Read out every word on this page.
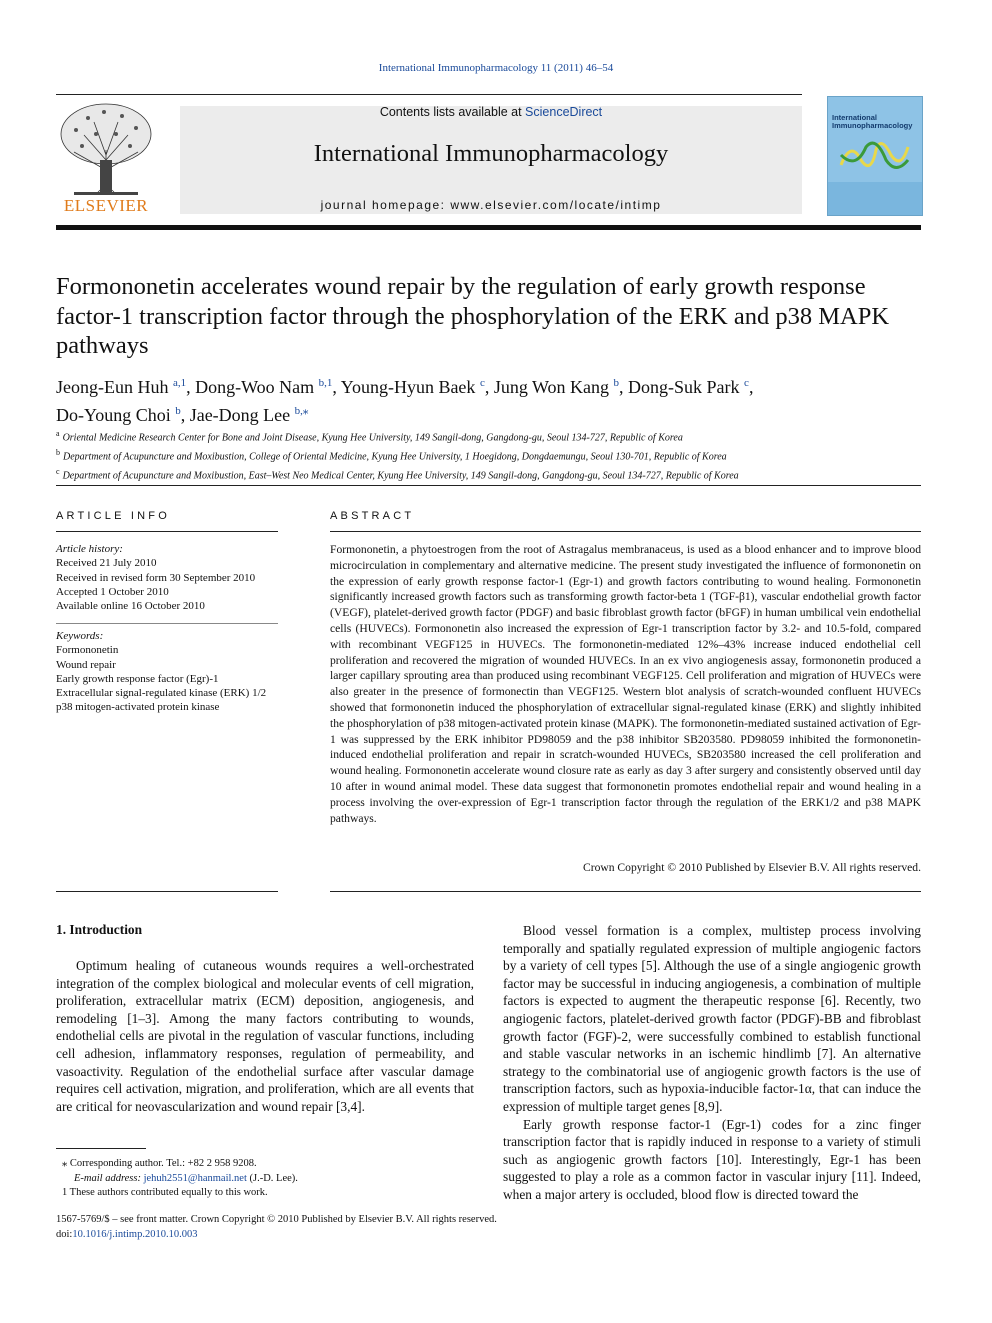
International Immunopharmacology 11 (2011) 46–54
ELSEVIER
Contents lists available at ScienceDirect
International Immunopharmacology
journal homepage: www.elsevier.com/locate/intimp
International
Immunopharmacology
Formononetin accelerates wound repair by the regulation of early growth response factor-1 transcription factor through the phosphorylation of the ERK and p38 MAPK pathways
Jeong-Eun Huh $^{a,1}$, Dong-Woo Nam $^{b,1}$, Young-Hyun Baek $^c$, Jung Won Kang $^b$, Dong-Suk Park $^c$,
Do-Young Choi $^b$, Jae-Dong Lee $^{b,⁎}$
$^a$ Oriental Medicine Research Center for Bone and Joint Disease, Kyung Hee University, 149 Sangil-dong, Gangdong-gu, Seoul 134-727, Republic of Korea
$^b$ Department of Acupuncture and Moxibustion, College of Oriental Medicine, Kyung Hee University, 1 Hoegidong, Dongdaemungu, Seoul 130-701, Republic of Korea
$^c$ Department of Acupuncture and Moxibustion, East–West Neo Medical Center, Kyung Hee University, 149 Sangil-dong, Gangdong-gu, Seoul 134-727, Republic of Korea
ARTICLE INFO
Article history:
Received 21 July 2010
Received in revised form 30 September 2010
Accepted 1 October 2010
Available online 16 October 2010
Keywords:
Formononetin
Wound repair
Early growth response factor (Egr)-1
Extracellular signal-regulated kinase (ERK) 1/2
p38 mitogen-activated protein kinase
ABSTRACT
Formononetin, a phytoestrogen from the root of Astragalus membranaceus, is used as a blood enhancer and to improve blood microcirculation in complementary and alternative medicine. The present study investigated the influence of formononetin on the expression of early growth response factor-1 (Egr-1) and growth factors contributing to wound healing. Formononetin significantly increased growth factors such as transforming growth factor-beta 1 (TGF-β1), vascular endothelial growth factor (VEGF), platelet-derived growth factor (PDGF) and basic fibroblast growth factor (bFGF) in human umbilical vein endothelial cells (HUVECs). Formononetin also increased the expression of Egr-1 transcription factor by 3.2- and 10.5-fold, compared with recombinant VEGF125 in HUVECs. The formononetin-mediated 12%–43% increase induced endothelial cell proliferation and recovered the migration of wounded HUVECs. In an ex vivo angiogenesis assay, formononetin produced a larger capillary sprouting area than produced using recombinant VEGF125. Cell proliferation and migration of HUVECs were also greater in the presence of formonectin than VEGF125. Western blot analysis of scratch-wounded confluent HUVECs showed that formononetin induced the phosphorylation of extracellular signal-regulated kinase (ERK) and slightly inhibited the phosphorylation of p38 mitogen-activated protein kinase (MAPK). The formononetin-mediated sustained activation of Egr-1 was suppressed by the ERK inhibitor PD98059 and the p38 inhibitor SB203580. PD98059 inhibited the formononetin-induced endothelial proliferation and repair in scratch-wounded HUVECs, SB203580 increased the cell proliferation and wound healing. Formononetin accelerate wound closure rate as early as day 3 after surgery and consistently observed until day 10 after in wound animal model. These data suggest that formononetin promotes endothelial repair and wound healing in a process involving the over-expression of Egr-1 transcription factor through the regulation of the ERK1/2 and p38 MAPK pathways.
Crown Copyright © 2010 Published by Elsevier B.V. All rights reserved.
1. Introduction

Optimum healing of cutaneous wounds requires a well-orchestrated integration of the complex biological and molecular events of cell migration, proliferation, extracellular matrix (ECM) deposition, angiogenesis, and remodeling [1–3]. Among the many factors contributing to wounds, endothelial cells are pivotal in the regulation of vascular functions, including cell adhesion, inflammatory responses, regulation of permeability, and vasoactivity. Regulation of the endothelial surface after vascular damage requires cell activation, migration, and proliferation, which are all events that are critical for neovascularization and wound repair [3,4].

Blood vessel formation is a complex, multistep process involving temporally and spatially regulated expression of multiple angiogenic factors by a variety of cell types [5]. Although the use of a single angiogenic growth factor may be successful in inducing angiogenesis, a combination of multiple factors is expected to augment the therapeutic response [6]. Recently, two angiogenic factors, platelet-derived growth factor (PDGF)-BB and fibroblast growth factor (FGF)-2, were successfully combined to establish functional and stable vascular networks in an ischemic hindlimb [7]. An alternative strategy to the combinatorial use of angiogenic growth factors is the use of transcription factors, such as hypoxia-inducible factor-1α, that can induce the expression of multiple target genes [8,9].

Early growth response factor-1 (Egr-1) codes for a zinc finger transcription factor that is rapidly induced in response to a variety of stimuli such as angiogenic growth factors [10]. Interestingly, Egr-1 has been suggested to play a role as a common factor in vascular injury [11]. Indeed, when a major artery is occluded, blood flow is directed toward the

⁎ Corresponding author. Tel.: +82 2 958 9208.
E-mail address: jehuh2551@hanmail.net (J.-D. Lee).
1 These authors contributed equally to this work.
1567-5769/$ – see front matter. Crown Copyright © 2010 Published by Elsevier B.V. All rights reserved.
doi:10.1016/j.intimp.2010.10.003
